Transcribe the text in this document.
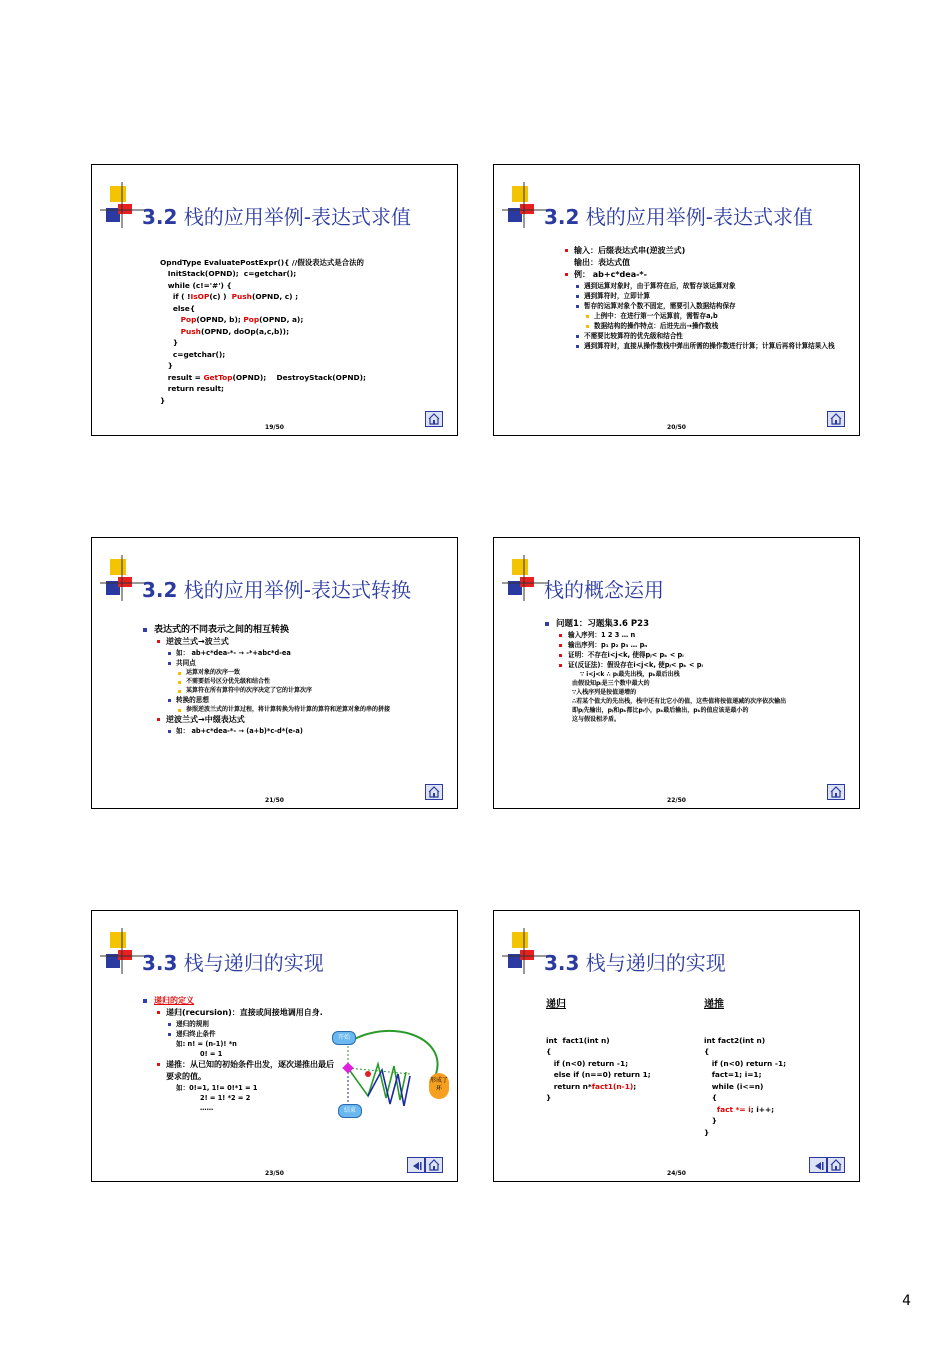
3.2 栈的应用举例-表达式求值

OpndType EvaluatePostExpr(){ //假设表达式是合法的
InitStack(OPND);  c=getchar();
while (c!='#') {
if ( !IsOP(c) )  Push(OPND, c) ;
else{
Pop(OPND, b); Pop(OPND, a);
Push(OPND, doOp(a,c,b));
}
c=getchar();
}
result = GetTop(OPND);    DestroyStack(OPND);
return result;
}
19/50
3.2 栈的应用举例-表达式求值
输入：后缀表达式串(逆波兰式)
输出：表达式值
例： ab+c*dea-*-
遇到运算对象时，由于算符在后，故暂存该运算对象
遇到算符时，立即计算
暂存的运算对象个数不固定，需要引入数据结构保存
上例中：在进行第一个运算前，需暂存a,b
数据结构的操作特点：后进先出→操作数栈
不需要比较算符的优先级和结合性
遇到算符时，直接从操作数栈中弹出所需的操作数进行计算；计算后再将计算结果入栈
20/50
3.2 栈的应用举例-表达式转换
表达式的不同表示之间的相互转换
逆波兰式→波兰式
如： ab+c*dea-*- → -*+abc*d-ea
共同点
运算对象的次序一致
不需要括号区分优先级和结合性
某算符在所有算符中的次序决定了它的计算次序
转换的思想
参照逆波兰式的计算过程，将计算转换为待计算的算符和逆算对象的串的拼接
逆波兰式→中缀表达式
如： ab+c*dea-*- → (a+b)*c-d*(e-a)
21/50
栈的概念运用
问题1：习题集3.6 P23
输入序列：1 2 3 … n
输出序列：p₁ p₂ p₃ … pₙ
证明：不存在i<j<k, 使得pⱼ< pₖ < pᵢ
证(反证法)：假设存在i<j<k, 使pⱼ< pₖ < pᵢ
∵ i<j<k ∴ pᵢ最先出栈，pₖ最后出栈
由假设知pᵢ是三个数中最大的
∵入栈序列是按值递增的
∴若某个值大的先出栈，栈中还有比它小的值，这些值将按值递减的次序依次输出
即pⱼ先输出，pⱼ和pₖ都比pᵢ小，pₖ最后输出，pₖ的值应该是最小的
这与假设相矛盾。
22/50
3.3 栈与递归的实现
递归的定义
递归(recursion)：直接或间接地调用自身.
递归的规则
递归终止条件
如: n! = (n-1)! *n
0! = 1
递推：从已知的初始条件出发，逐次递推出最后要求的值。
如：0!=1, 1!= 0!*1 = 1
2! = 1! *2 = 2
……
开始
结束
形成了环
23/50
3.3 栈与递归的实现
递归	递推

int  fact1(int n)
{
if (n<0) return -1;
else if (n==0) return 1;
return n*fact1(n-1);
}

int fact2(int n)
{
if (n<0) return -1;
fact=1; i=1;
while (i<=n)
{
fact *= i; i++;
}
}
24/50
4
